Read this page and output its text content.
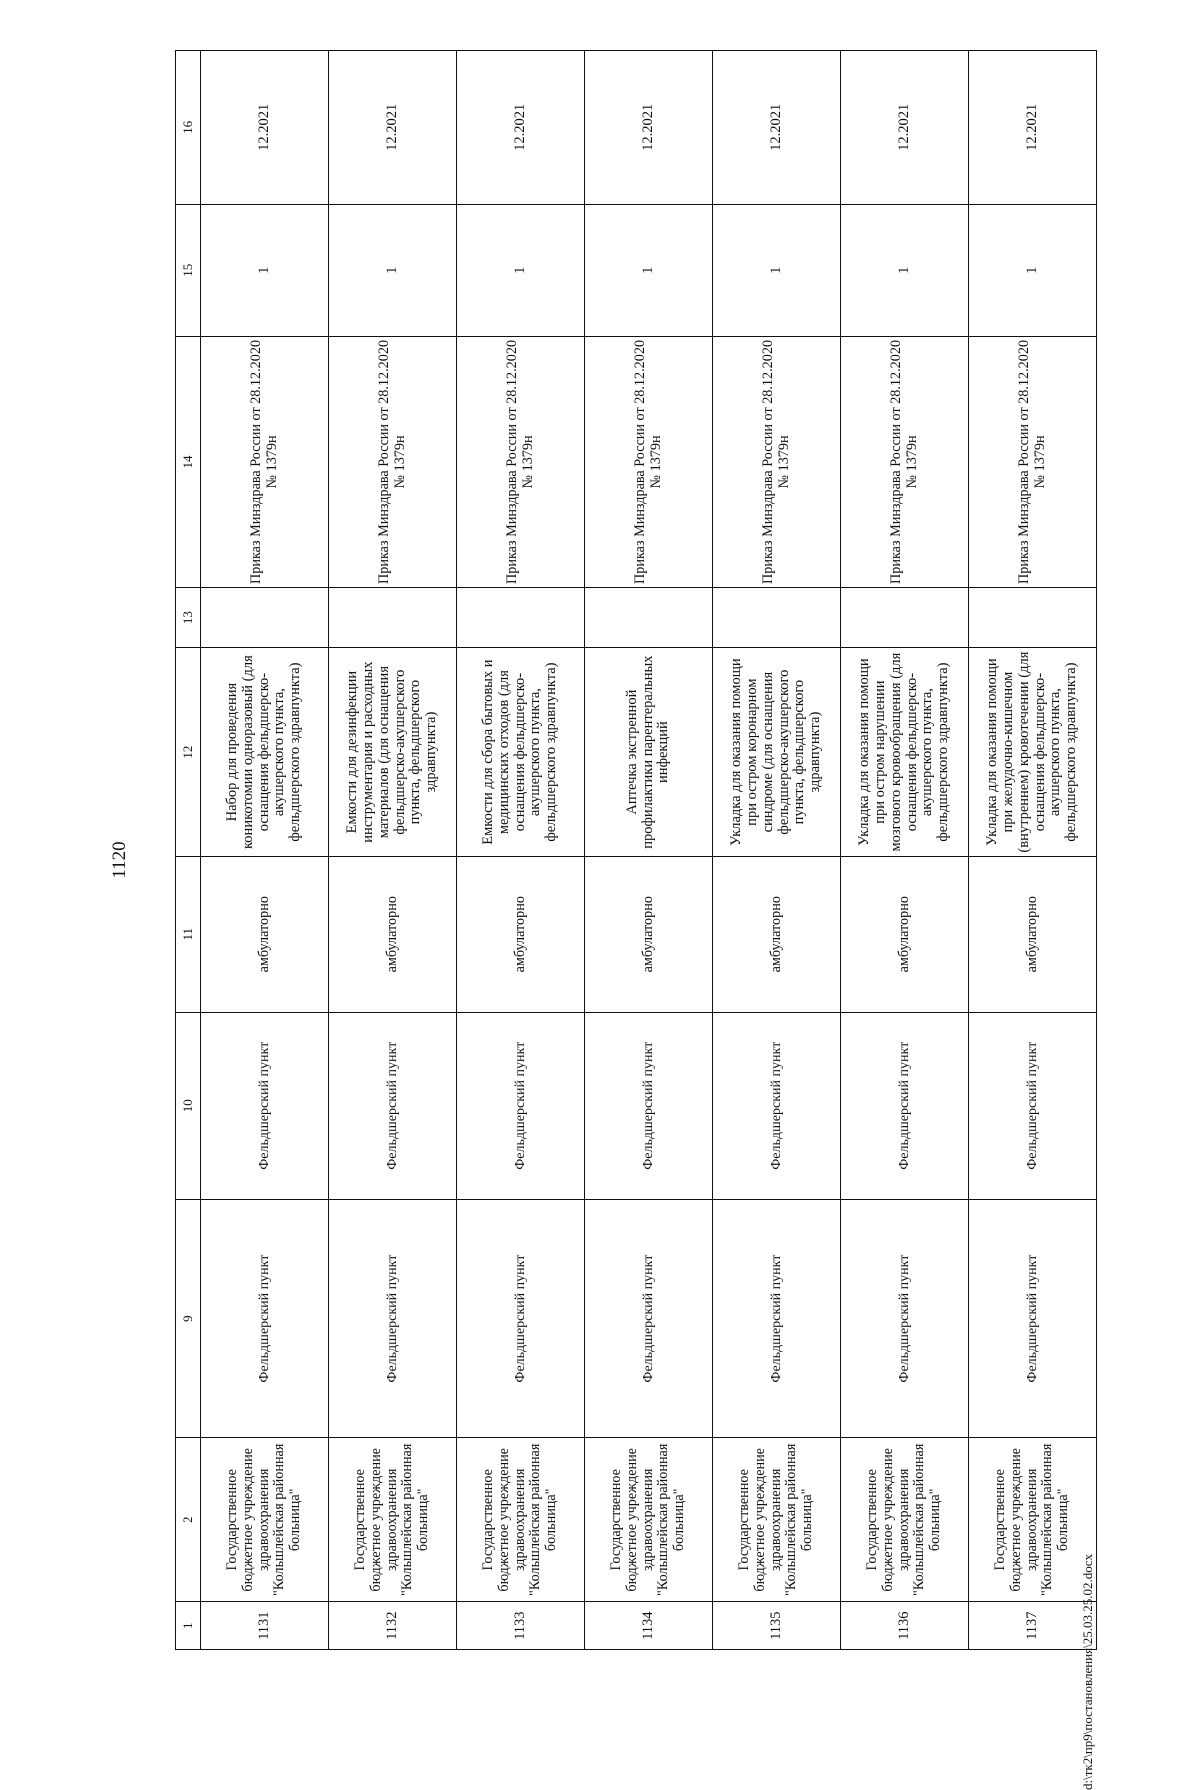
1120
1	2	9	10	11	12	13	14	15	16
1131	Государственное бюджетное учреждение здравоохранения "Кольшлейская районная больница"	Фельдшерский пункт	Фельдшерский пункт	амбулаторно	Набор для проведения коникотомии одноразовый (для оснащения фельдшерско-акушерского пункта, фельдшерского здравпункта)		Приказ Минздрава России от 28.12.2020 № 1379н	1	12.2021
1132	Государственное бюджетное учреждение здравоохранения "Кольшлейская районная больница"	Фельдшерский пункт	Фельдшерский пункт	амбулаторно	Емкости для дезинфекции инструментария и расходных материалов (для оснащения фельдшерско-акушерского пункта, фельдшерского здравпункта)		Приказ Минздрава России от 28.12.2020 № 1379н	1	12.2021
1133	Государственное бюджетное учреждение здравоохранения "Кольшлейская районная больница"	Фельдшерский пункт	Фельдшерский пункт	амбулаторно	Емкости для сбора бытовых и медицинских отходов (для оснащения фельдшерско-акушерского пункта, фельдшерского здравпункта)		Приказ Минздрава России от 28.12.2020 № 1379н	1	12.2021
1134	Государственное бюджетное учреждение здравоохранения "Кольшлейская районная больница"	Фельдшерский пункт	Фельдшерский пункт	амбулаторно	Аптечка экстренной профилактики парентеральных инфекций		Приказ Минздрава России от 28.12.2020 № 1379н	1	12.2021
1135	Государственное бюджетное учреждение здравоохранения "Кольшлейская районная больница"	Фельдшерский пункт	Фельдшерский пункт	амбулаторно	Укладка для оказания помощи при остром коронарном синдроме (для оснащения фельдшерско-акушерского пункта, фельдшерского здравпункта)		Приказ Минздрава России от 28.12.2020 № 1379н	1	12.2021
1136	Государственное бюджетное учреждение здравоохранения "Кольшлейская районная больница"	Фельдшерский пункт	Фельдшерский пункт	амбулаторно	Укладка для оказания помощи при остром нарушении мозгового кровообращения (для оснащения фельдшерско-акушерского пункта, фельдшерского здравпункта)		Приказ Минздрава России от 28.12.2020 № 1379н	1	12.2021
1137	Государственное бюджетное учреждение здравоохранения "Кольшлейская районная больница"	Фельдшерский пункт	Фельдшерский пункт	амбулаторно	Укладка для оказания помощи при желудочно-кишечном (внутреннем) кровотечении (для оснащения фельдшерско-акушерского пункта, фельдшерского здравпункта)		Приказ Минздрава России от 28.12.2020 № 1379н	1	12.2021
d:\тк2\пр9\постановления\25.03.25.02.docx
